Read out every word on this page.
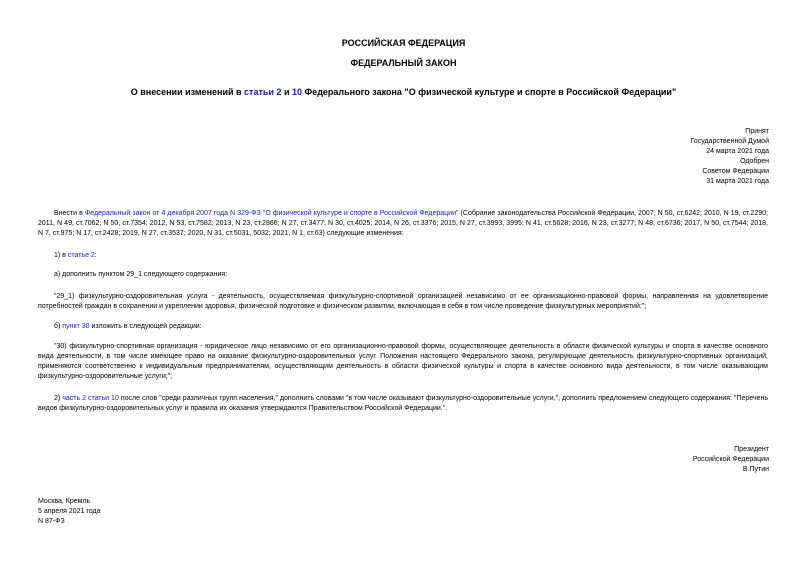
РОССИЙСКАЯ ФЕДЕРАЦИЯ
ФЕДЕРАЛЬНЫЙ ЗАКОН
О внесении изменений в статьи 2 и 10 Федерального закона "О физической культуре и спорте в Российской Федерации"
Принят
Государственной Думой
24 марта 2021 года
Одобрен
Советом Федерации
31 марта 2021 года
Внести в Федеральный закон от 4 декабря 2007 года N 329-ФЗ "О физической культуре и спорте в Российской Федерации" (Собрание законодательства Российской Федерации, 2007, N 50, ст.6242; 2010, N 19, ст.2290; 2011, N 49, ст.7062; N 50, ст.7354; 2012, N 53, ст.7582; 2013, N 23, ст.2866; N 27, ст.3477; N 30, ст.4025; 2014, N 26, ст.3376; 2015, N 27, ст.3993, 3995; N 41, ст.5628; 2016, N 23, ст.3277; N 48, ст.6736; 2017, N 50, ст.7544; 2018, N 7, ст.975; N 17, ст.2428; 2019, N 27, ст.3537; 2020, N 31, ст.5031, 5032; 2021, N 1, ст.63) следующие изменения:
1) в статье 2:
а) дополнить пунктом 29_1 следующего содержания:
"29_1) физкультурно-оздоровительная услуга - деятельность, осуществляемая физкультурно-спортивной организацией независимо от ее организационно-правовой формы, направленная на удовлетворение потребностей граждан в сохранении и укреплении здоровья, физической подготовке и физическом развитии, включающая в себя в том числе проведение физкультурных мероприятий;";
б) пункт 30 изложить в следующей редакции:
"30) физкультурно-спортивная организация - юридическое лицо независимо от его организационно-правовой формы, осуществляющее деятельность в области физической культуры и спорта в качестве основного вида деятельности, в том числе имеющее право на оказание физкультурно-оздоровительных услуг. Положения настоящего Федерального закона, регулирующие деятельность физкультурно-спортивных организаций, применяются соответственно к индивидуальным предпринимателям, осуществляющим деятельность в области физической культуры и спорта в качестве основного вида деятельности, в том числе оказывающим физкультурно-оздоровительные услуги;";
2) часть 2 статьи 10 после слов "среди различных групп населения," дополнить словами "в том числе оказывают физкультурно-оздоровительные услуги,", дополнить предложением следующего содержания: "Перечень видов физкультурно-оздоровительных услуг и правила их оказания утверждаются Правительством Российской Федерации.".
Президент
Российской Федерации
В.Путин
Москва, Кремль
5 апреля 2021 года
N 87-ФЗ
